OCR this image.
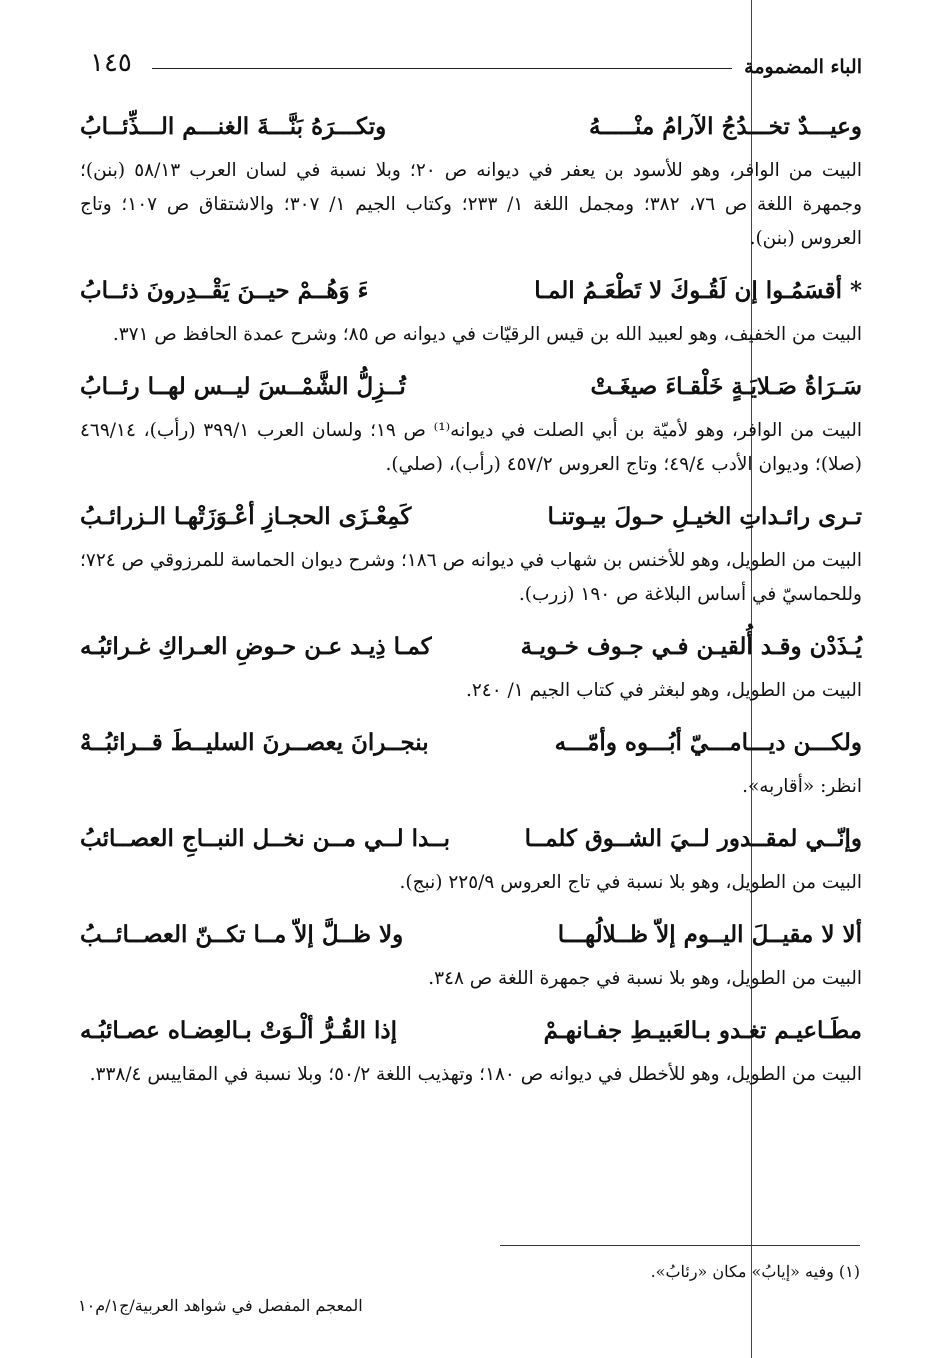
١٤٥	الباء المضمومة
وعيـــدٌ تخـــدُجُ الآرامُ منْـــــهُ
وتكـــرَهُ بَنَّـــةَ الغنـــم الـــذِّئــابُ
البيت من الوافر، وهو للأسود بن يعفر في ديوانه ص ٢٠؛ وبلا نسبة في لسان العرب ٥٨/١٣ (بنن)؛ وجمهرة اللغة ص ٧٦، ٣٨٢؛ ومجمل اللغة ١/ ٢٣٣؛ وكتاب الجيم ١/ ٣٠٧؛ والاشتقاق ص ١٠٧؛ وتاج العروس (بنن).
* أقسَمُـوا إن لَقُـوكَ لا تَطْعَـمُ المـا
ءَ وَهُــمْ حيــنَ يَقْــدِرونَ ذئــابُ
البيت من الخفيف، وهو لعبيد الله بن قيس الرقيّات في ديوانه ص ٨٥؛ وشرح عمدة الحافظ ص ٣٧١.
سَـرَاةُ صَـلايَـةٍ خَلْقـاءَ صيغَـتْ
تُــزِلُّ الشَّمْــسَ ليــس لهــا رئــابُ
البيت من الوافر، وهو لأميّة بن أبي الصلت في ديوانه⁽¹⁾ ص ١٩؛ ولسان العرب ٣٩٩/١ (رأب)، ٤٦٩/١٤ (صلا)؛ وديوان الأدب ٤٩/٤؛ وتاج العروس ٤٥٧/٢ (رأب)، (صلي).
تـرى رائـداتِ الخيـلِ حـولَ بيـوتنـا
كَمِعْـزَى الحجـازِ أعْـوَزَتْهـا الـزرائـبُ
البيت من الطويل، وهو للأخنس بن شهاب في ديوانه ص ١٨٦؛ وشرح ديوان الحماسة للمرزوقي ص ٧٢٤؛ وللحماسيّ في أساس البلاغة ص ١٩٠ (زرب).
يُـذَدْن وقـد أُلقيـن فـي جـوف خـويـة
كمـا ذِيـد عـن حـوضِ العـراكِ غـرائبُـه
البيت من الطويل، وهو لبغثر في كتاب الجيم ١/ ٢٤٠.
ولكـــن ديـــامـــيّ أبُـــوه وأمّـــه
بنجــرانَ يعصــرنَ السليــطَ قــرائبُــهْ
انظر: «أقاربه».
وإنّــي لمقــدور لــيَ الشــوق كلمــا
بــدا لــي مــن نخــل النبــاجِ العصــائبُ
البيت من الطويل، وهو بلا نسبة في تاج العروس ٢٢٥/٩ (نبج).
ألا لا مقيــلَ اليــوم إلاّ ظــلالُهـــا
ولا ظــلَّ إلاّ مــا تكــنّ العصــائــبُ
البيت من الطويل، وهو بلا نسبة في جمهرة اللغة ص ٣٤٨.
مطَـاعيـم تغـدو بـالعَبيـطِ جفـانهـمْ
إذا القُـرُّ ألْـوَتْ بـالعِضـاه عصـائبُـه
البيت من الطويل، وهو للأخطل في ديوانه ص ١٨٠؛ وتهذيب اللغة ٥٠/٢؛ وبلا نسبة في المقاييس ٣٣٨/٤.
(١) وفيه «إيابُ» مكان «رئابُ».
المعجم المفصل في شواهد العربية/ج١/م١٠
